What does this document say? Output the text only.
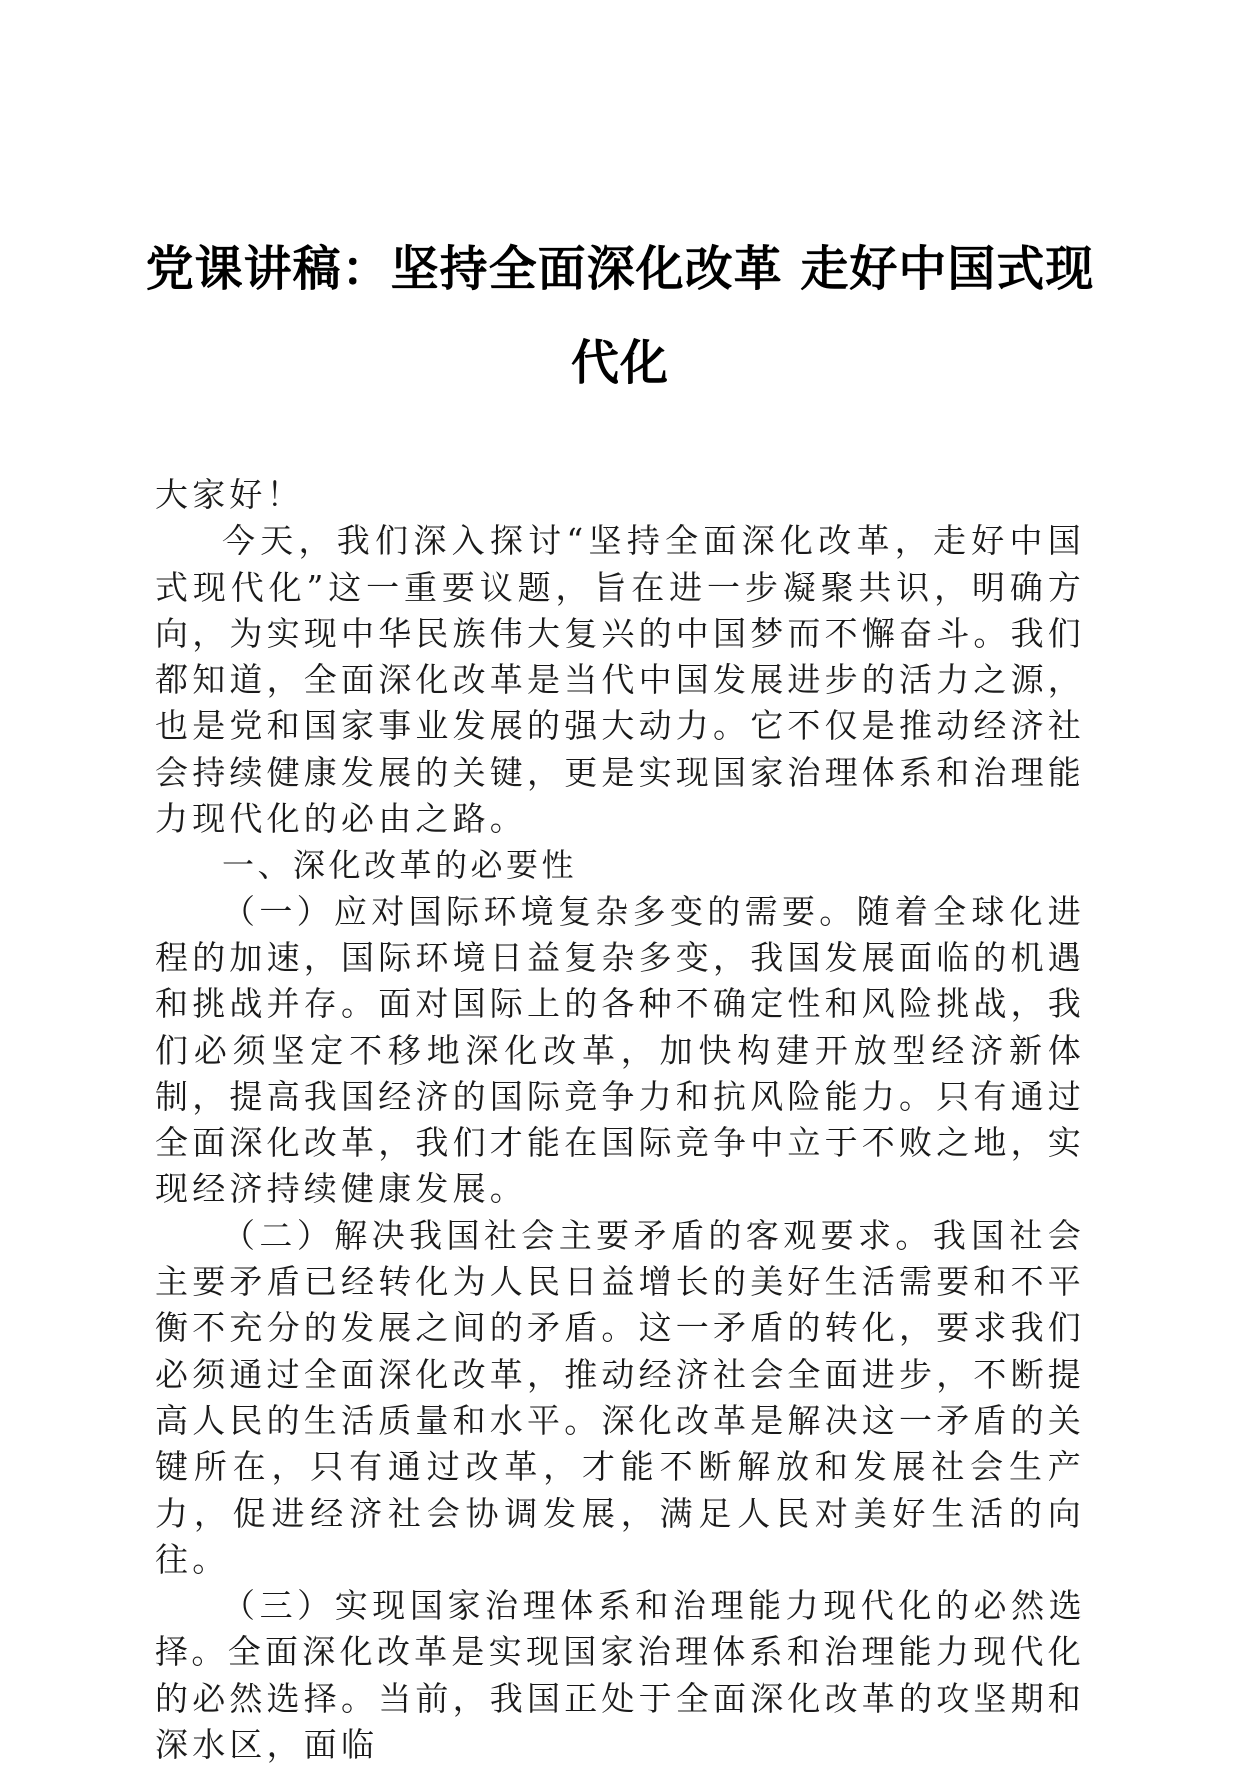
党课讲稿：坚持全面深化改革 走好中国式现代化

大家好！

今天，我们深入探讨“坚持全面深化改革，走好中国式现代化”这一重要议题，旨在进一步凝聚共识，明确方向，为实现中华民族伟大复兴的中国梦而不懈奋斗。我们都知道，全面深化改革是当代中国发展进步的活力之源，也是党和国家事业发展的强大动力。它不仅是推动经济社会持续健康发展的关键，更是实现国家治理体系和治理能力现代化的必由之路。

一、深化改革的必要性

（一）应对国际环境复杂多变的需要。随着全球化进程的加速，国际环境日益复杂多变，我国发展面临的机遇和挑战并存。面对国际上的各种不确定性和风险挑战，我们必须坚定不移地深化改革，加快构建开放型经济新体制，提高我国经济的国际竞争力和抗风险能力。只有通过全面深化改革，我们才能在国际竞争中立于不败之地，实现经济持续健康发展。

（二）解决我国社会主要矛盾的客观要求。我国社会主要矛盾已经转化为人民日益增长的美好生活需要和不平衡不充分的发展之间的矛盾。这一矛盾的转化，要求我们必须通过全面深化改革，推动经济社会全面进步，不断提高人民的生活质量和水平。深化改革是解决这一矛盾的关键所在，只有通过改革，才能不断解放和发展社会生产力，促进经济社会协调发展，满足人民对美好生活的向往。

（三）实现国家治理体系和治理能力现代化的必然选择。全面深化改革是实现国家治理体系和治理能力现代化的必然选择。当前，我国正处于全面深化改革的攻坚期和深水区，面临
